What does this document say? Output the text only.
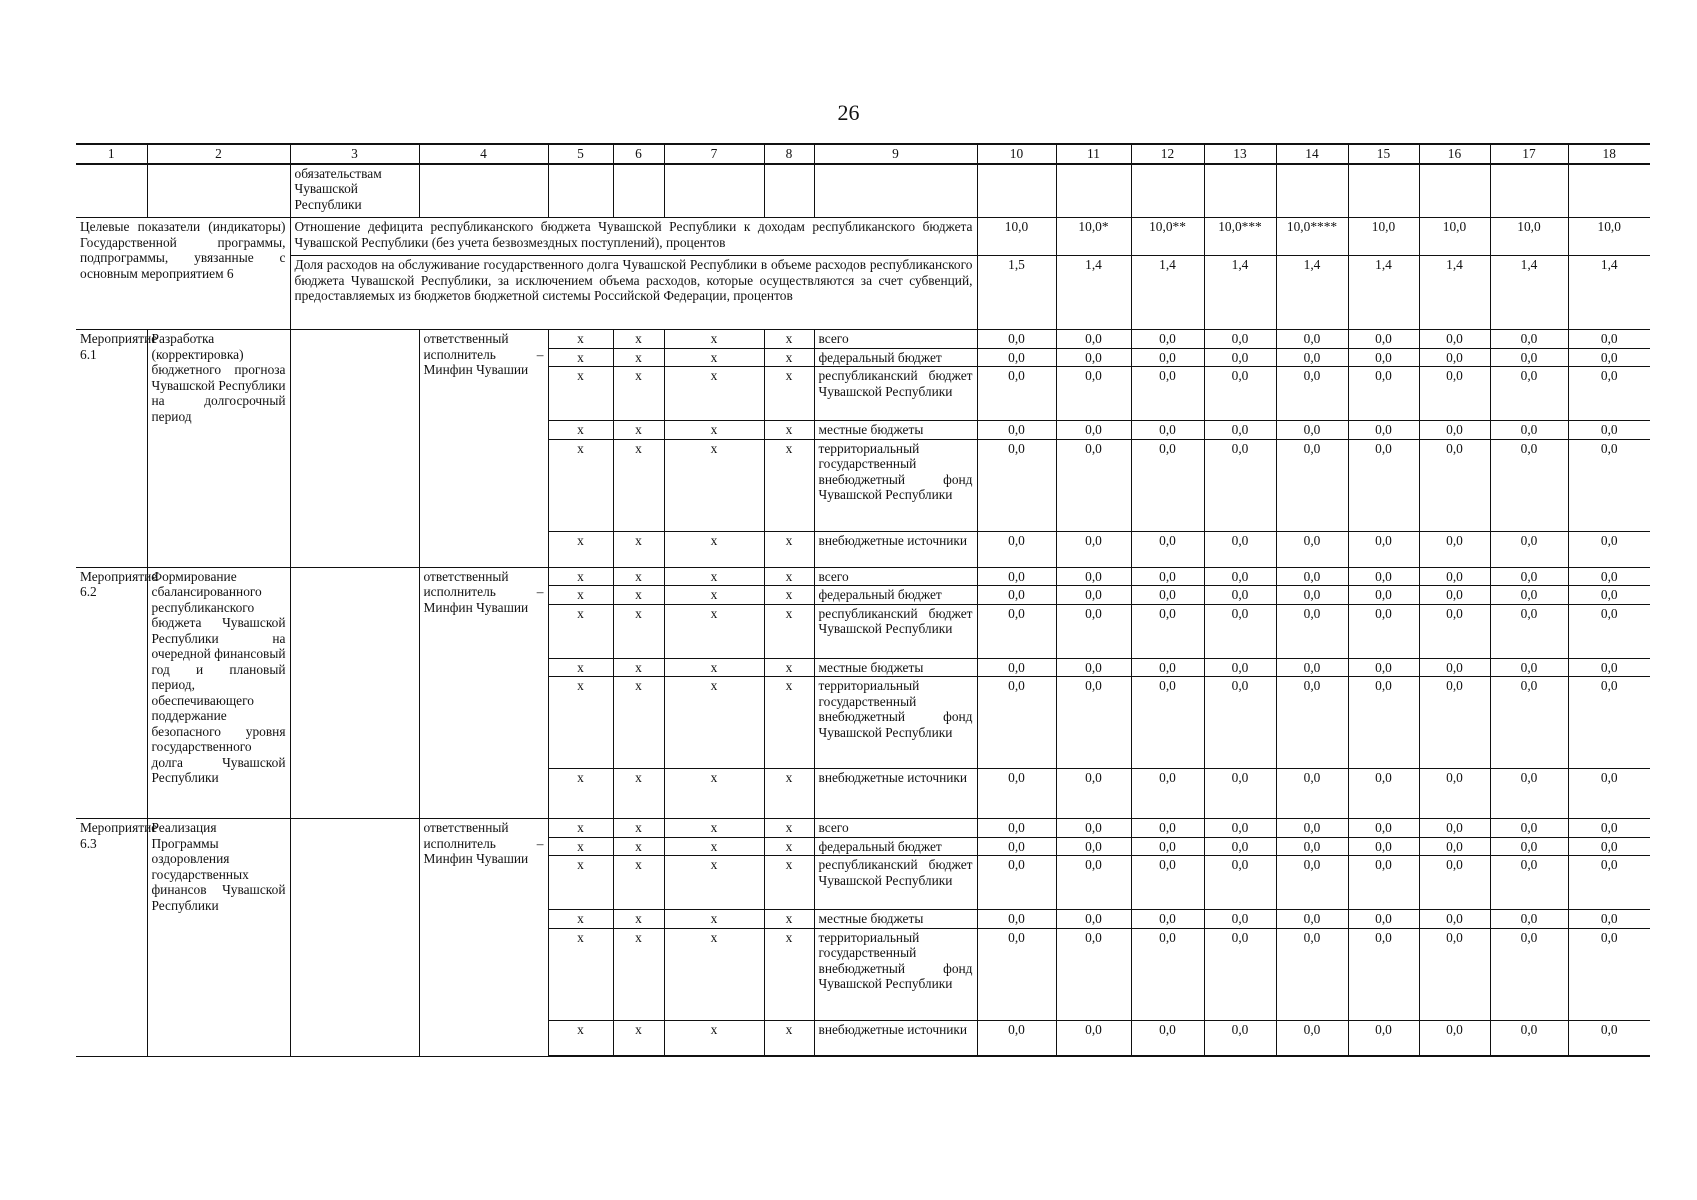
26
1	2	3	4	5	6	7	8	9	10	11	12	13	14	15	16	17	18
		обязательствам Чувашской Республики															
Целевые показатели (индикаторы) Государственной программы, подпрограммы, увязанные с основным мероприятием 6		Отношение дефицита республиканского бюджета Чувашской Республики к доходам республиканского бюджета Чувашской Республики (без учета безвозмездных поступлений), процентов							10,0	10,0*	10,0**	10,0***	10,0****	10,0	10,0	10,0	10,0
		Доля расходов на обслуживание государственного долга Чувашской Республики в объеме расходов республиканского бюджета Чувашской Республики, за исключением объема расходов, которые осуществляются за счет субвенций, предоставляемых из бюджетов бюджетной системы Российской Федерации, процентов							1,5	1,4	1,4	1,4	1,4	1,4	1,4	1,4	1,4
Мероприятие 6.1	Разработка (корректировка) бюджетного прогноза Чувашской Республики на долгосрочный период		ответственный исполнитель – Минфин Чувашии	x	x	x	x	всего	0,0	0,0	0,0	0,0	0,0	0,0	0,0	0,0	0,0
				x	x	x	x	федеральный бюджет	0,0	0,0	0,0	0,0	0,0	0,0	0,0	0,0	0,0
				x	x	x	x	республиканский бюджет Чувашской Республики	0,0	0,0	0,0	0,0	0,0	0,0	0,0	0,0	0,0
				x	x	x	x	местные бюджеты	0,0	0,0	0,0	0,0	0,0	0,0	0,0	0,0	0,0
				x	x	x	x	территориальный государственный внебюджетный фонд Чувашской Республики	0,0	0,0	0,0	0,0	0,0	0,0	0,0	0,0	0,0
				x	x	x	x	внебюджетные источники	0,0	0,0	0,0	0,0	0,0	0,0	0,0	0,0	0,0
Мероприятие 6.2	Формирование сбалансированного республиканского бюджета Чувашской Республики на очередной финансовый год и плановый период, обеспечивающего поддержание безопасного уровня государственного долга Чувашской Республики		ответственный исполнитель – Минфин Чувашии	x	x	x	x	всего	0,0	0,0	0,0	0,0	0,0	0,0	0,0	0,0	0,0
				x	x	x	x	федеральный бюджет	0,0	0,0	0,0	0,0	0,0	0,0	0,0	0,0	0,0
				x	x	x	x	республиканский бюджет Чувашской Республики	0,0	0,0	0,0	0,0	0,0	0,0	0,0	0,0	0,0
				x	x	x	x	местные бюджеты	0,0	0,0	0,0	0,0	0,0	0,0	0,0	0,0	0,0
				x	x	x	x	территориальный государственный внебюджетный фонд Чувашской Республики	0,0	0,0	0,0	0,0	0,0	0,0	0,0	0,0	0,0
				x	x	x	x	внебюджетные источники	0,0	0,0	0,0	0,0	0,0	0,0	0,0	0,0	0,0
Мероприятие 6.3	Реализация Программы оздоровления государственных финансов Чувашской Республики		ответственный исполнитель – Минфин Чувашии	x	x	x	x	всего	0,0	0,0	0,0	0,0	0,0	0,0	0,0	0,0	0,0
				x	x	x	x	федеральный бюджет	0,0	0,0	0,0	0,0	0,0	0,0	0,0	0,0	0,0
				x	x	x	x	республиканский бюджет Чувашской Республики	0,0	0,0	0,0	0,0	0,0	0,0	0,0	0,0	0,0
				x	x	x	x	местные бюджеты	0,0	0,0	0,0	0,0	0,0	0,0	0,0	0,0	0,0
				x	x	x	x	территориальный государственный внебюджетный фонд Чувашской Республики	0,0	0,0	0,0	0,0	0,0	0,0	0,0	0,0	0,0
				x	x	x	x	внебюджетные источники	0,0	0,0	0,0	0,0	0,0	0,0	0,0	0,0	0,0
